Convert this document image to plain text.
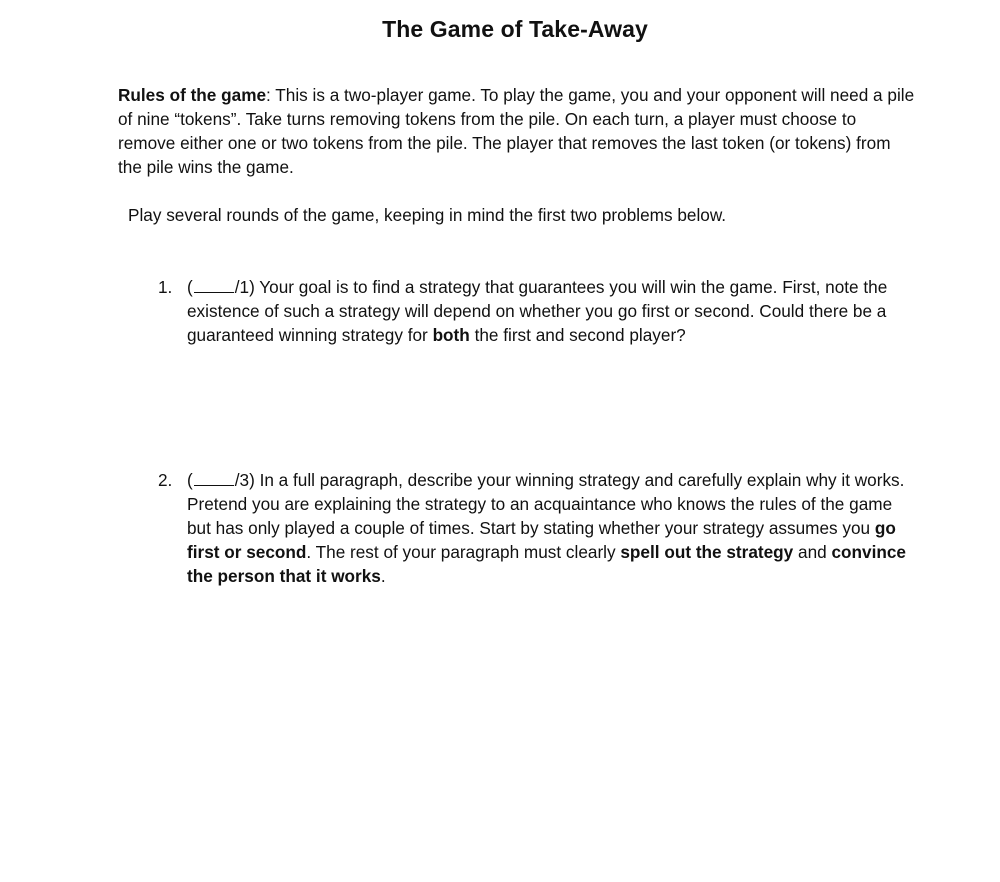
The Game of Take-Away
Rules of the game: This is a two-player game. To play the game, you and your opponent will need a pile of nine “tokens”. Take turns removing tokens from the pile. On each turn, a player must choose to remove either one or two tokens from the pile. The player that removes the last token (or tokens) from the pile wins the game.
Play several rounds of the game, keeping in mind the first two problems below.
1. ( /1) Your goal is to find a strategy that guarantees you will win the game. First, note the existence of such a strategy will depend on whether you go first or second. Could there be a guaranteed winning strategy for both the first and second player?
2. ( /3) In a full paragraph, describe your winning strategy and carefully explain why it works. Pretend you are explaining the strategy to an acquaintance who knows the rules of the game but has only played a couple of times. Start by stating whether your strategy assumes you go first or second. The rest of your paragraph must clearly spell out the strategy and convince the person that it works.
